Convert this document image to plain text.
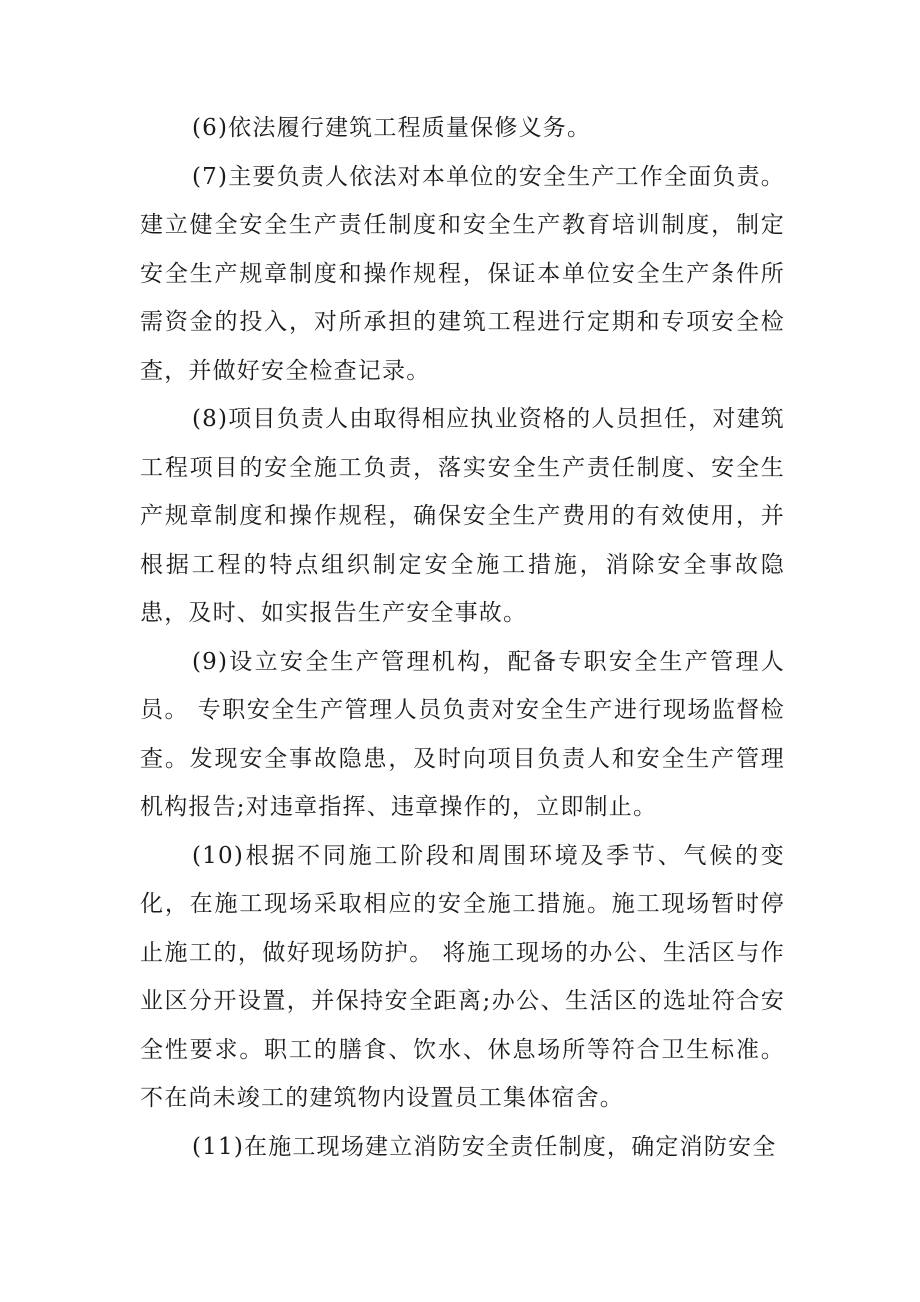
(6)依法履行建筑工程质量保修义务。

(7)主要负责人依法对本单位的安全生产工作全面负责。建立健全安全生产责任制度和安全生产教育培训制度，制定安全生产规章制度和操作规程，保证本单位安全生产条件所需资金的投入，对所承担的建筑工程进行定期和专项安全检查，并做好安全检查记录。

(8)项目负责人由取得相应执业资格的人员担任，对建筑工程项目的安全施工负责，落实安全生产责任制度、安全生产规章制度和操作规程，确保安全生产费用的有效使用，并根据工程的特点组织制定安全施工措施，消除安全事故隐患，及时、如实报告生产安全事故。

(9)设立安全生产管理机构，配备专职安全生产管理人员。 专职安全生产管理人员负责对安全生产进行现场监督检查。发现安全事故隐患，及时向项目负责人和安全生产管理机构报告;对违章指挥、违章操作的，立即制止。

(10)根据不同施工阶段和周围环境及季节、气候的变化，在施工现场采取相应的安全施工措施。施工现场暂时停止施工的，做好现场防护。 将施工现场的办公、生活区与作业区分开设置，并保持安全距离;办公、生活区的选址符合安全性要求。职工的膳食、饮水、休息场所等符合卫生标准。不在尚未竣工的建筑物内设置员工集体宿舍。

(11)在施工现场建立消防安全责任制度，确定消防安全
